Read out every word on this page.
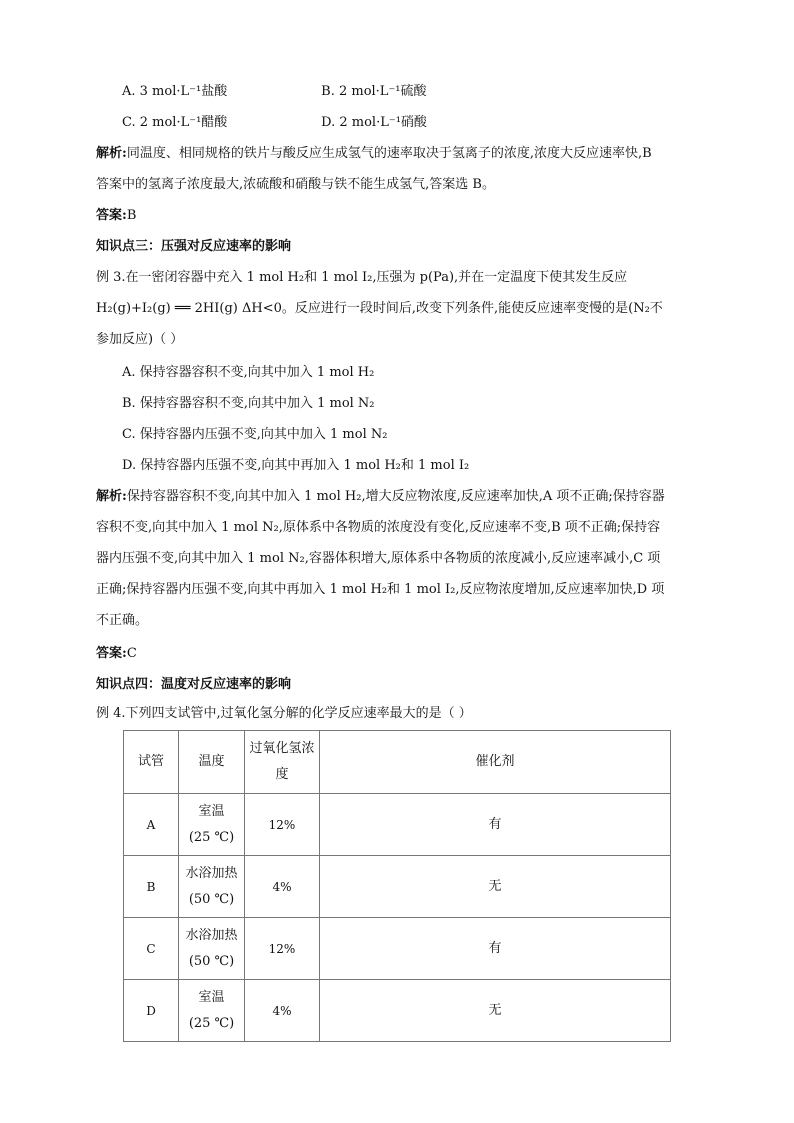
A. 3 mol·L⁻¹盐酸	B. 2 mol·L⁻¹硫酸
C. 2 mol·L⁻¹醋酸	D. 2 mol·L⁻¹硝酸
解析:同温度、相同规格的铁片与酸反应生成氢气的速率取决于氢离子的浓度,浓度大反应速率快,B
答案中的氢离子浓度最大,浓硫酸和硝酸与铁不能生成氢气,答案选 B。
答案:B
知识点三：压强对反应速率的影响
例 3.在一密闭容器中充入 1 mol H₂和 1 mol I₂,压强为 p(Pa),并在一定温度下使其发生反应
H₂(g)+I₂(g) ══ 2HI(g) ΔH<0。反应进行一段时间后,改变下列条件,能使反应速率变慢的是(N₂不
参加反应)（ ）
A. 保持容器容积不变,向其中加入 1 mol H₂
B. 保持容器容积不变,向其中加入 1 mol N₂
C. 保持容器内压强不变,向其中加入 1 mol N₂
D. 保持容器内压强不变,向其中再加入 1 mol H₂和 1 mol I₂
解析:保持容器容积不变,向其中加入 1 mol H₂,增大反应物浓度,反应速率加快,A 项不正确;保持容器
容积不变,向其中加入 1 mol N₂,原体系中各物质的浓度没有变化,反应速率不变,B 项不正确;保持容
器内压强不变,向其中加入 1 mol N₂,容器体积增大,原体系中各物质的浓度减小,反应速率减小,C 项
正确;保持容器内压强不变,向其中再加入 1 mol H₂和 1 mol I₂,反应物浓度增加,反应速率加快,D 项
不正确。
答案:C
知识点四：温度对反应速率的影响
例 4.下列四支试管中,过氧化氢分解的化学反应速率最大的是（ ）
试管	温度	过氧化氢浓
度	催化剂
A	室温
(25 ℃)	12%	有
B	水浴加热
(50 ℃)	4%	无
C	水浴加热
(50 ℃)	12%	有
D	室温
(25 ℃)	4%	无
